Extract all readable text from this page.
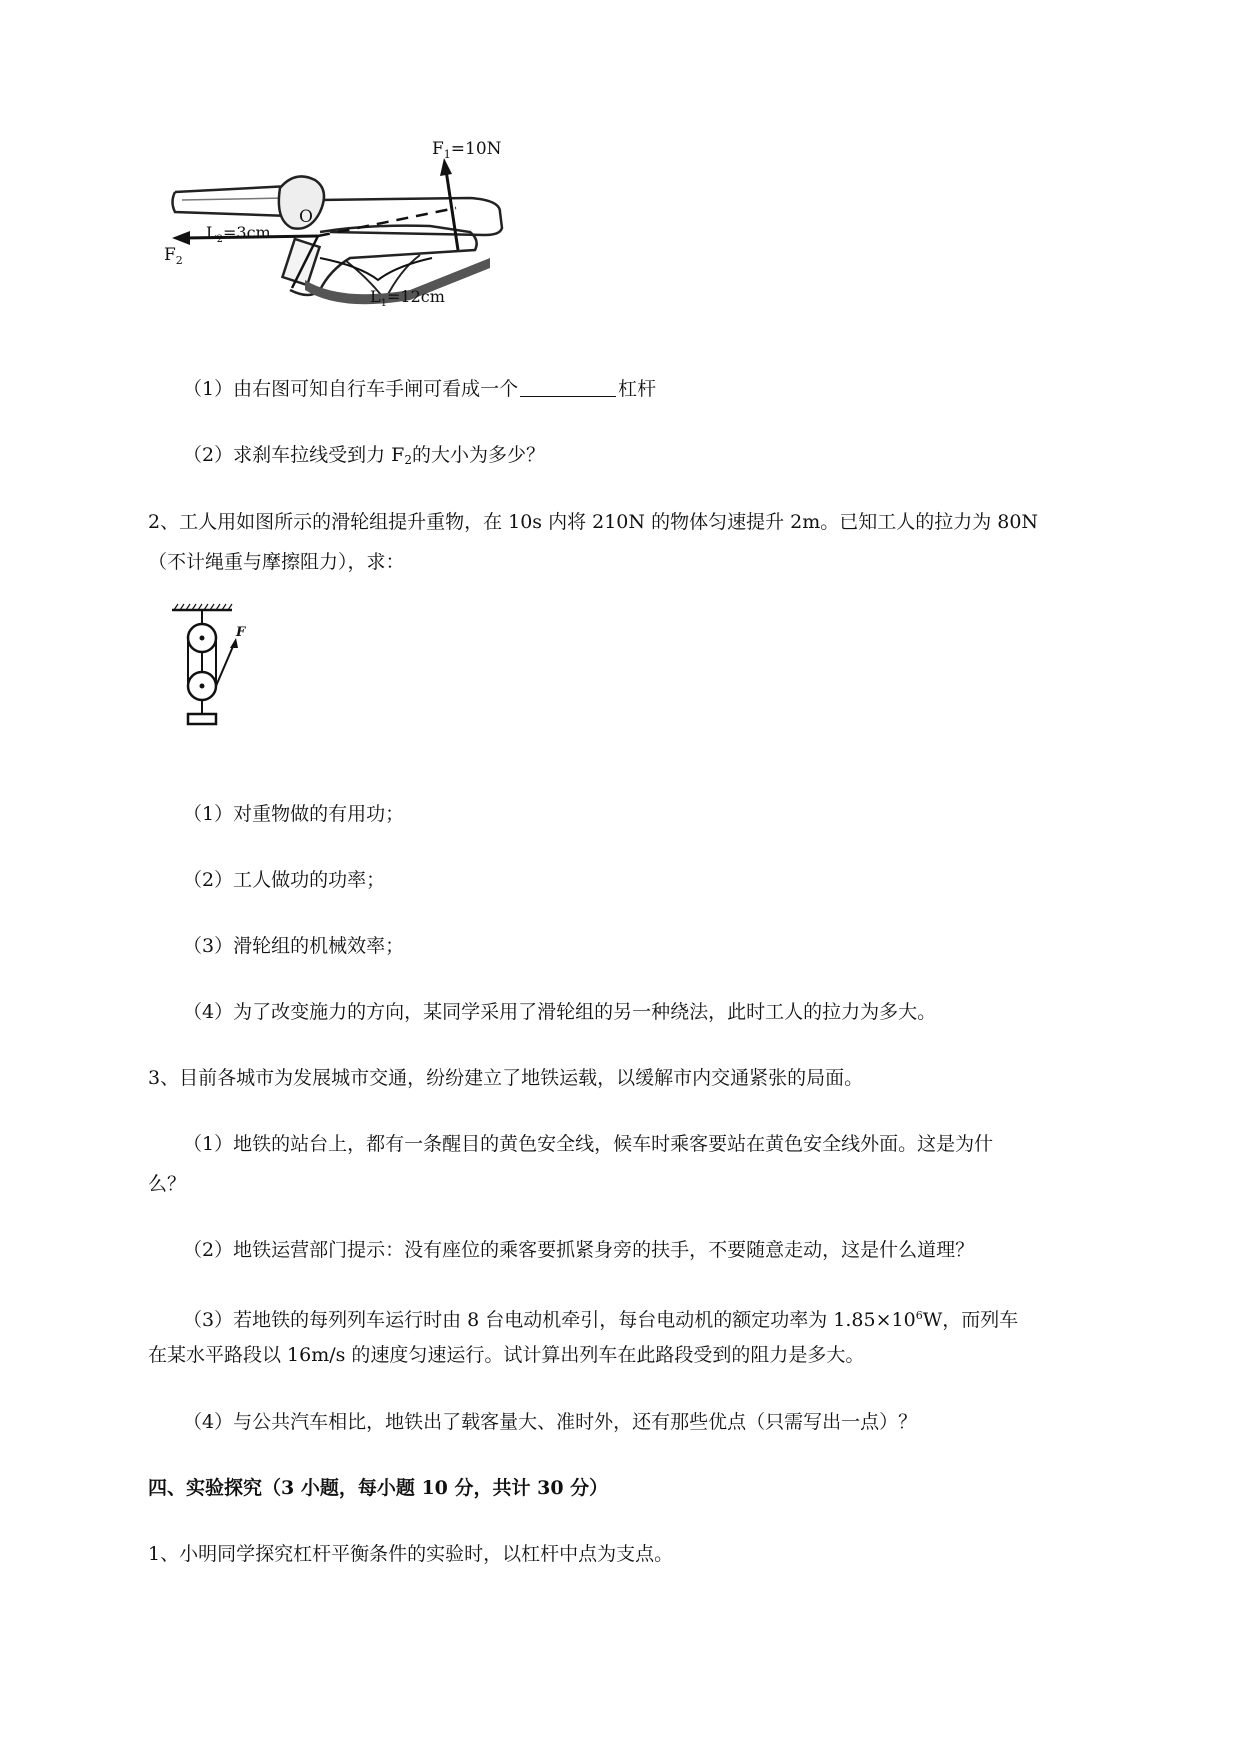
$F_1=10N$
O
$L_2=3cm$
$F_2$
$L_1=12cm$
（1）由右图可知自行车手闸可看成一个	杠杆
（2）求刹车拉线受到力 $F_2$的大小为多少？
2、工人用如图所示的滑轮组提升重物，在 10s 内将 210N 的物体匀速提升 2m。已知工人的拉力为 80N
（不计绳重与摩擦阻力），求：
F
（1）对重物做的有用功；
（2）工人做功的功率；
（3）滑轮组的机械效率；
（4）为了改变施力的方向，某同学采用了滑轮组的另一种绕法，此时工人的拉力为多大。
3、目前各城市为发展城市交通，纷纷建立了地铁运载，以缓解市内交通紧张的局面。
（1）地铁的站台上，都有一条醒目的黄色安全线，候车时乘客要站在黄色安全线外面。这是为什
么？
（2）地铁运营部门提示：没有座位的乘客要抓紧身旁的扶手，不要随意走动，这是什么道理？
（3）若地铁的每列列车运行时由 8 台电动机牵引，每台电动机的额定功率为 $1.85\times 10^6W$，而列车
在某水平路段以 16m/s 的速度匀速运行。试计算出列车在此路段受到的阻力是多大。
（4）与公共汽车相比，地铁出了载客量大、准时外，还有那些优点（只需写出一点）？
四、实验探究（3 小题，每小题 10 分，共计 30 分）
1、小明同学探究杠杆平衡条件的实验时，以杠杆中点为支点。
